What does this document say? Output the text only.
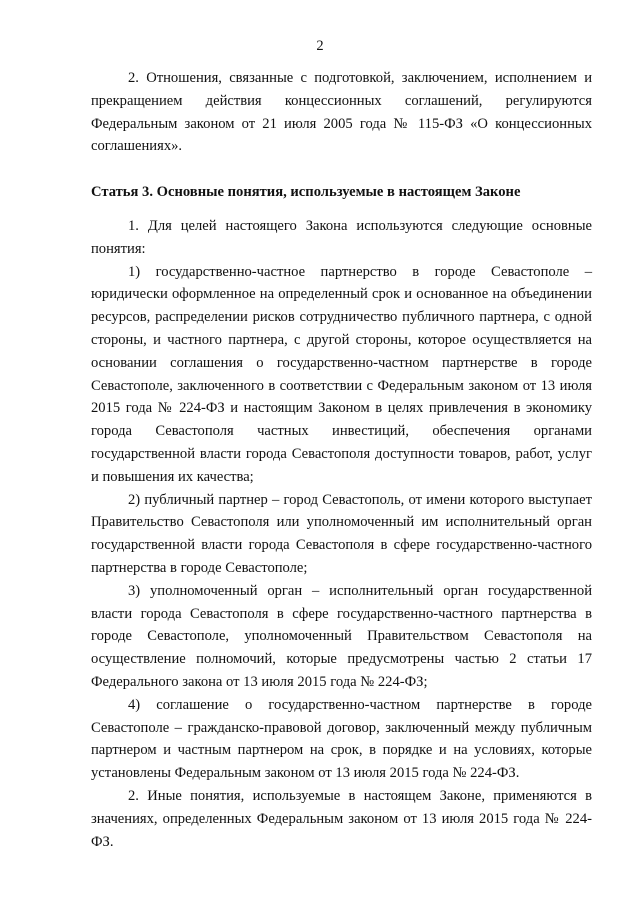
2

2. Отношения, связанные с подготовкой, заключением, исполнением и прекращением действия концессионных соглашений, регулируются Федеральным законом от 21 июля 2005 года № 115-ФЗ «О концессионных соглашениях».

Статья 3. Основные понятия, используемые в настоящем Законе

1. Для целей настоящего Закона используются следующие основные понятия:

1) государственно-частное партнерство в городе Севастополе – юридически оформленное на определенный срок и основанное на объединении ресурсов, распределении рисков сотрудничество публичного партнера, с одной стороны, и частного партнера, с другой стороны, которое осуществляется на основании соглашения о государственно-частном партнерстве в городе Севастополе, заключенного в соответствии с Федеральным законом от 13 июля 2015 года № 224-ФЗ и настоящим Законом в целях привлечения в экономику города Севастополя частных инвестиций, обеспечения органами государственной власти города Севастополя доступности товаров, работ, услуг и повышения их качества;

2) публичный партнер – город Севастополь, от имени которого выступает Правительство Севастополя или уполномоченный им исполнительный орган государственной власти города Севастополя в сфере государственно-частного партнерства в городе Севастополе;

3) уполномоченный орган – исполнительный орган государственной власти города Севастополя в сфере государственно-частного партнерства в городе Севастополе, уполномоченный Правительством Севастополя на осуществление полномочий, которые предусмотрены частью 2 статьи 17 Федерального закона от 13 июля 2015 года № 224-ФЗ;

4) соглашение о государственно-частном партнерстве в городе Севастополе – гражданско-правовой договор, заключенный между публичным партнером и частным партнером на срок, в порядке и на условиях, которые установлены Федеральным законом от 13 июля 2015 года № 224-ФЗ.

2. Иные понятия, используемые в настоящем Законе, применяются в значениях, определенных Федеральным законом от 13 июля 2015 года № 224-ФЗ.
